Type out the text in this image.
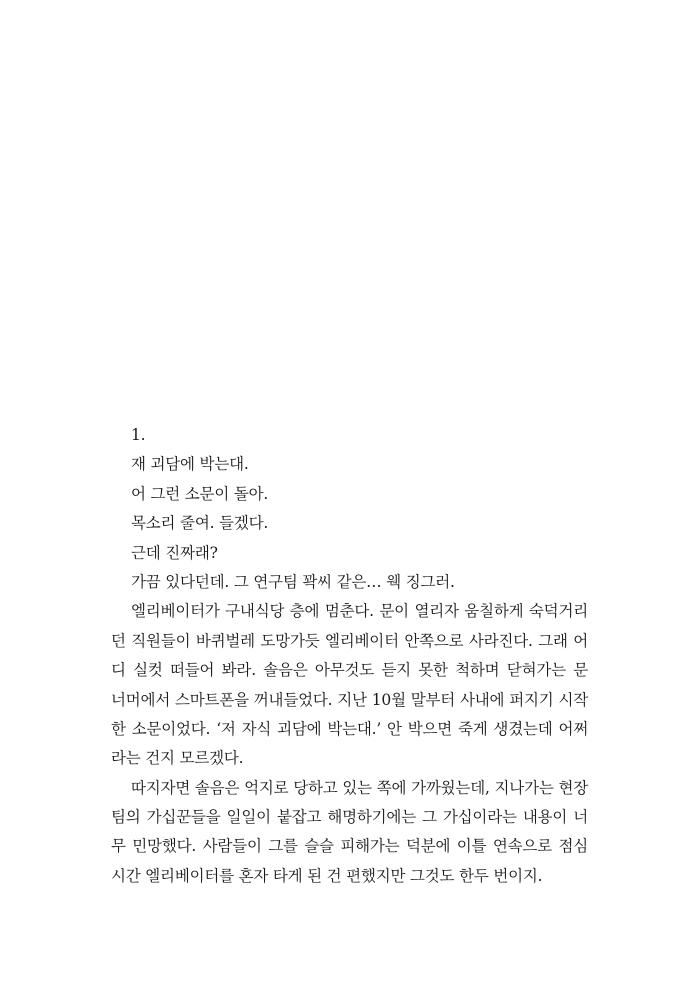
1.
재 괴담에 박는대.
어 그런 소문이 돌아.
목소리 줄여. 들겠다.
근데 진짜래?
가끔 있다던데. 그 연구팀 꽉씨 같은… 웩 징그러.
엘리베이터가 구내식당 층에 멈춘다. 문이 열리자 움칠하게 숙덕거리
던 직원들이 바퀴벌레 도망가듯 엘리베이터 안쪽으로 사라진다. 그래 어
디 실컷 떠들어 봐라. 솔음은 아무것도 듣지 못한 척하며 닫혀가는 문
너머에서 스마트폰을 꺼내들었다. 지난 10월 말부터 사내에 퍼지기 시작
한 소문이었다. ‘저 자식 괴담에 박는대.’ 안 박으면 죽게 생겼는데 어쩌
라는 건지 모르겠다.
따지자면 솔음은 억지로 당하고 있는 쪽에 가까웠는데, 지나가는 현장
팀의 가십꾼들을 일일이 붙잡고 해명하기에는 그 가십이라는 내용이 너
무 민망했다. 사람들이 그를 슬슬 피해가는 덕분에 이틀 연속으로 점심
시간 엘리베이터를 혼자 타게 된 건 편했지만 그것도 한두 번이지.
